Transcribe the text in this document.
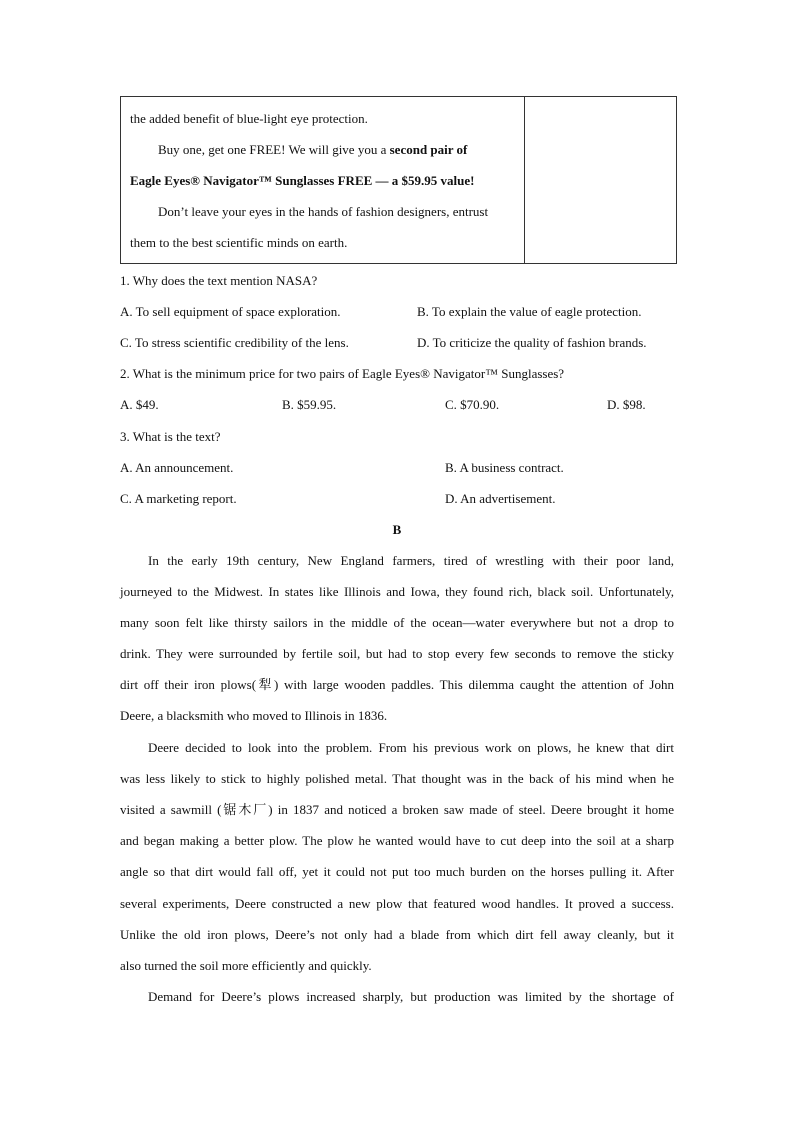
the added benefit of blue-light eye protection.
Buy one, get one FREE! We will give you a second pair of
Eagle Eyes® Navigator™ Sunglasses FREE — a $59.95 value!
Don’t leave your eyes in the hands of fashion designers, entrust
them to the best scientific minds on earth.

1. Why does the text mention NASA?
A. To sell equipment of space exploration.	B. To explain the value of eagle protection.
C. To stress scientific credibility of the lens.	D. To criticize the quality of fashion brands.
2. What is the minimum price for two pairs of Eagle Eyes® Navigator™ Sunglasses?
A. $49.	B. $59.95.	C. $70.90.	D. $98.
3. What is the text?
A. An announcement.	B. A business contract.
C. A marketing report.	D. An advertisement.
B
In the early 19th century, New England farmers, tired of wrestling with their poor land,
journeyed to the Midwest. In states like Illinois and Iowa, they found rich, black soil. Unfortunately,
many soon felt like thirsty sailors in the middle of the ocean—water everywhere but not a drop to
drink. They were surrounded by fertile soil, but had to stop every few seconds to remove the sticky
dirt off their iron plows(犁) with large wooden paddles. This dilemma caught the attention of John
Deere, a blacksmith who moved to Illinois in 1836.
Deere decided to look into the problem. From his previous work on plows, he knew that dirt
was less likely to stick to highly polished metal. That thought was in the back of his mind when he
visited a sawmill (锯木厂) in 1837 and noticed a broken saw made of steel. Deere brought it home
and began making a better plow. The plow he wanted would have to cut deep into the soil at a sharp
angle so that dirt would fall off, yet it could not put too much burden on the horses pulling it. After
several experiments, Deere constructed a new plow that featured wood handles. It proved a success.
Unlike the old iron plows, Deere’s not only had a blade from which dirt fell away cleanly, but it
also turned the soil more efficiently and quickly.
Demand for Deere’s plows increased sharply, but production was limited by the shortage of
